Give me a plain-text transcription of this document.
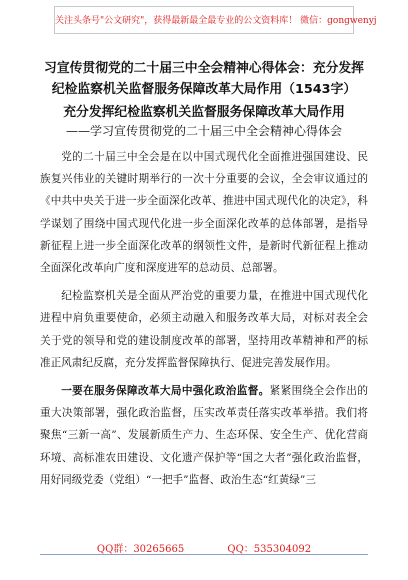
关注头条号"公文研究"，获得最新最全最专业的公文资料库！ 微信：gongwenyj

习宣传贯彻党的二十届三中全会精神心得体会：充分发挥纪检监察机关监督服务保障改革大局作用（1543字）

充分发挥纪检监察机关监督服务保障改革大局作用

——学习宣传贯彻党的二十届三中全会精神心得体会

党的二十届三中全会是在以中国式现代化全面推进强国建设、民族复兴伟业的关键时期举行的一次十分重要的会议，全会审议通过的《中共中央关于进一步全面深化改革、推进中国式现代化的决定》，科学谋划了围绕中国式现代化进一步全面深化改革的总体部署，是指导新征程上进一步全面深化改革的纲领性文件，是新时代新征程上推动全面深化改革向广度和深度进军的总动员、总部署。

纪检监察机关是全面从严治党的重要力量，在推进中国式现代化进程中肩负重要使命，必须主动融入和服务改革大局，对标对表全会关于党的领导和党的建设制度改革的部署，坚持用改革精神和严的标准正风肃纪反腐，充分发挥监督保障执行、促进完善发展作用。

一要在服务保障改革大局中强化政治监督。紧紧围绕全会作出的重大决策部署，强化政治监督，压实改革责任落实改革举措。我们将聚焦“三新一高”、发展新质生产力、生态环保、安全生产、优化营商环境、高标准农田建设、文化遗产保护等“国之大者”强化政治监督，用好同级党委（党组）“一把手”监督、政治生态“红黄绿”三

QQ群：30265665	QQ：535304092
